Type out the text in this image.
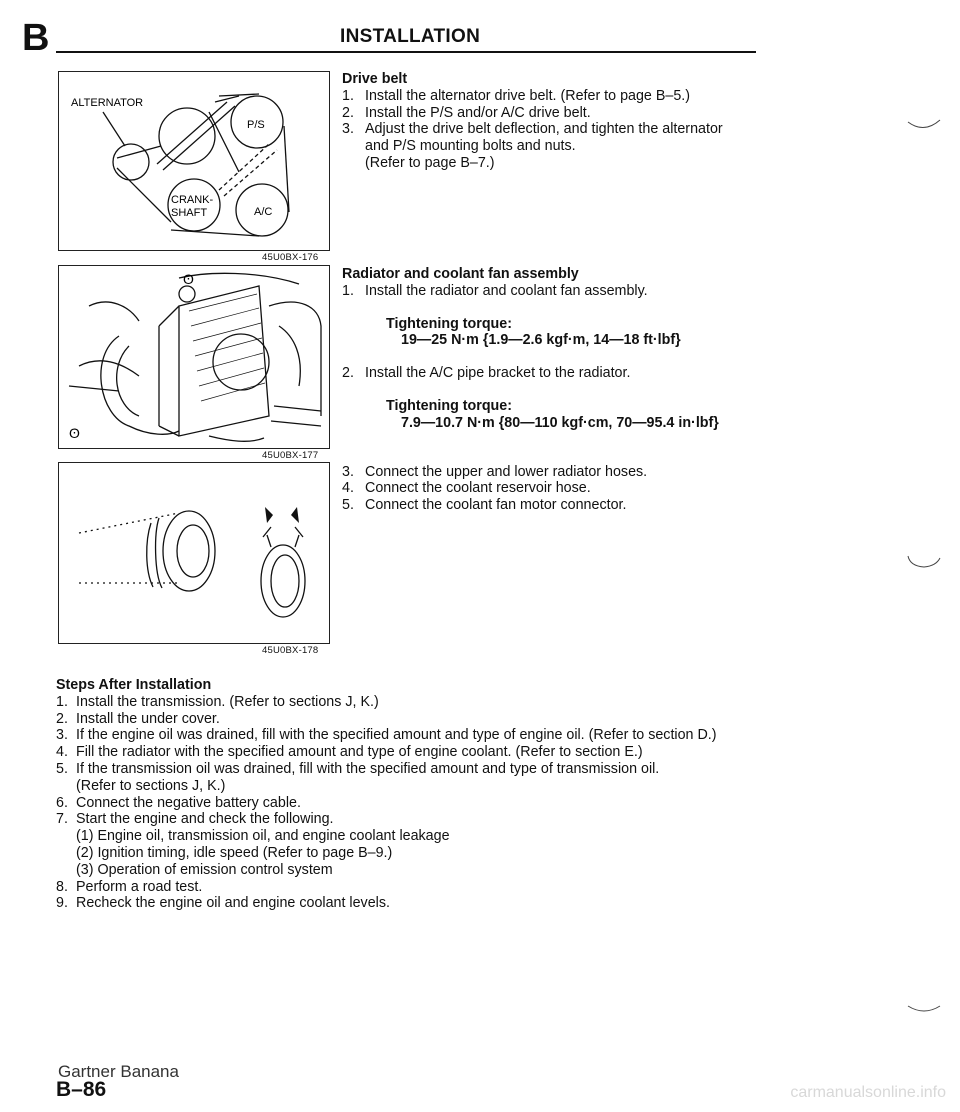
B	INSTALLATION
ALTERNATOR
P/S
CRANK-
SHAFT	A/C
45U0BX-176
ʘ
ʘ
45U0BX-177
45U0BX-178
Drive belt
1. Install the alternator drive belt. (Refer to page B–5.)
2. Install the P/S and/or A/C drive belt.
3. Adjust the drive belt deflection, and tighten the alternator
and P/S mounting bolts and nuts.
(Refer to page B–7.)
Radiator and coolant fan assembly
1. Install the radiator and coolant fan assembly.
Tightening torque:
19—25 N·m {1.9—2.6 kgf·m, 14—18 ft·lbf}
2. Install the A/C pipe bracket to the radiator.
Tightening torque:
7.9—10.7 N·m {80—110 kgf·cm, 70—95.4 in·lbf}
3. Connect the upper and lower radiator hoses.
4. Connect the coolant reservoir hose.
5. Connect the coolant fan motor connector.
Steps After Installation
1. Install the transmission. (Refer to sections J, K.)
2. Install the under cover.
3. If the engine oil was drained, fill with the specified amount and type of engine oil. (Refer to section D.)
4. Fill the radiator with the specified amount and type of engine coolant. (Refer to section E.)
5. If the transmission oil was drained, fill with the specified amount and type of transmission oil.
(Refer to sections J, K.)
6. Connect the negative battery cable.
7. Start the engine and check the following.
(1) Engine oil, transmission oil, and engine coolant leakage
(2) Ignition timing, idle speed (Refer to page B–9.)
(3) Operation of emission control system
8. Perform a road test.
9. Recheck the engine oil and engine coolant levels.
Gartner Banana
B–86	carmanualsonline.info
